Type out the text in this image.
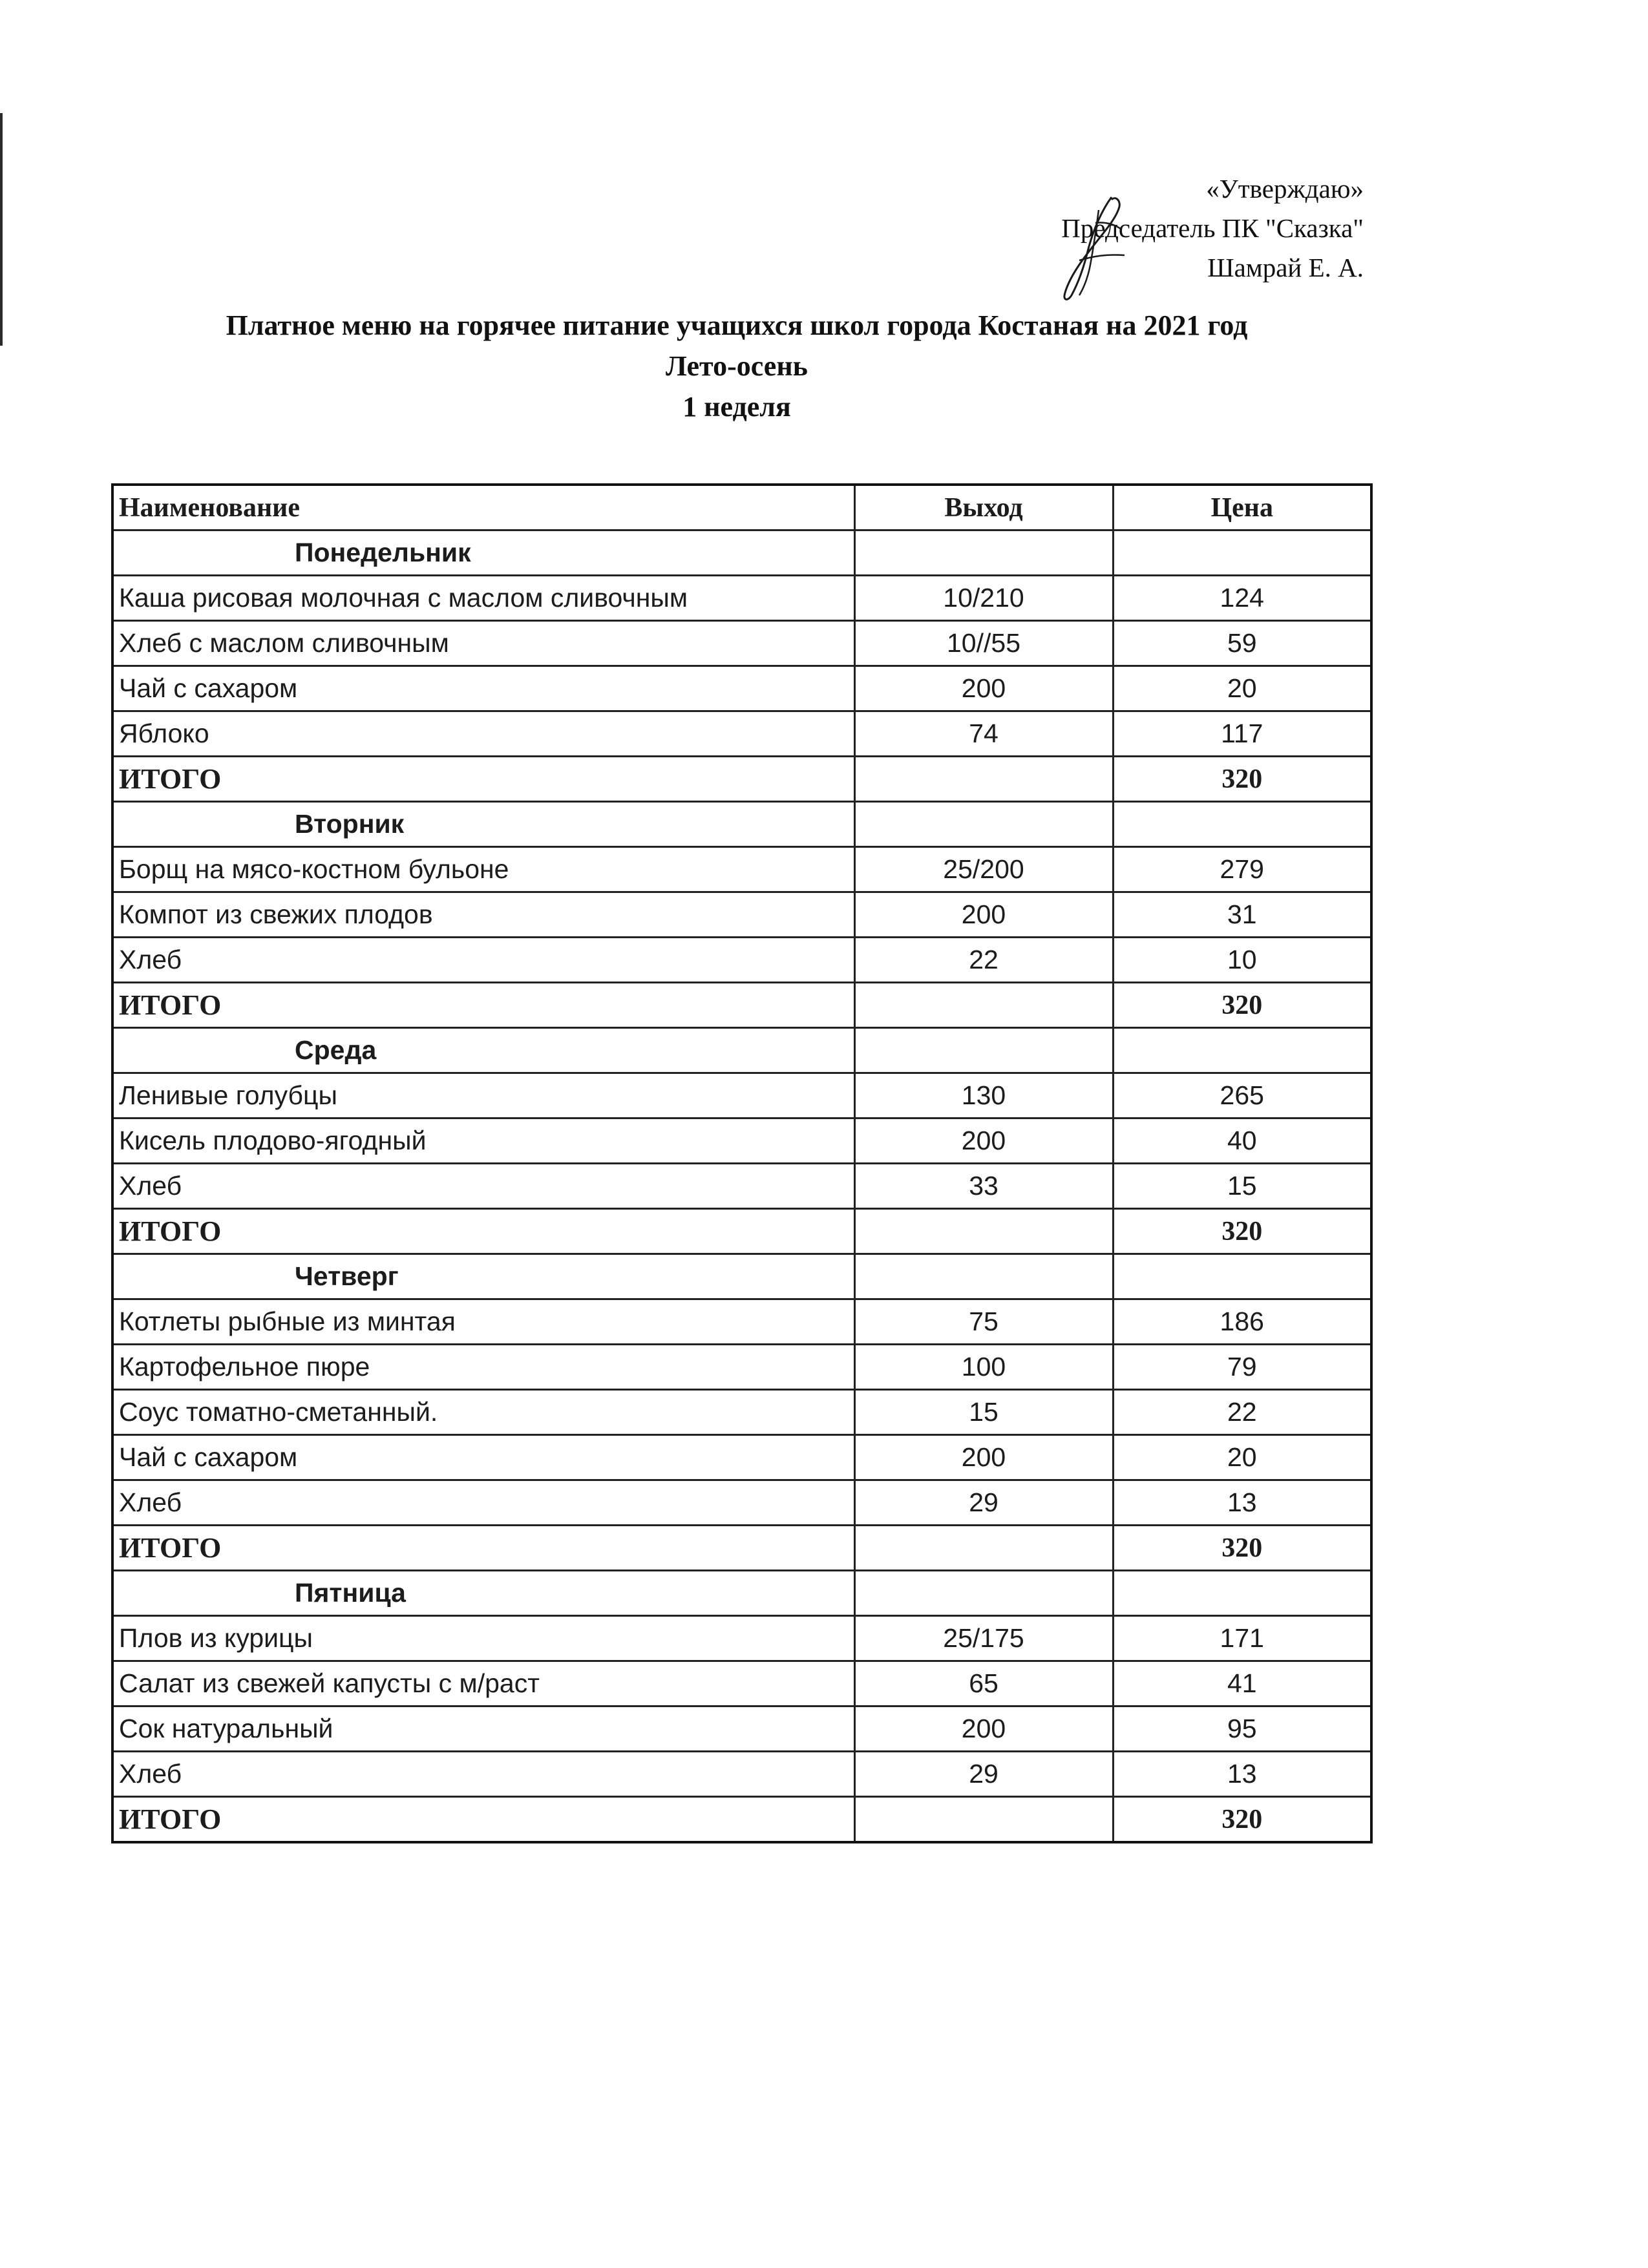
«Утверждаю»
Председатель ПК "Сказка"
Шамрай Е. А.
Платное меню на горячее питание учащихся школ города Костаная на 2021 год
Лето-осень
1 неделя
Наименование	Выход	Цена
Понедельник		
Каша рисовая молочная с маслом сливочным	10/210	124
Хлеб с маслом сливочным	10//55	59
Чай с сахаром	200	20
Яблоко	74	117
ИТОГО		320
Вторник		
Борщ на мясо-костном бульоне	25/200	279
Компот из свежих плодов	200	31
Хлеб	22	10
ИТОГО		320
Среда		
Ленивые голубцы	130	265
Кисель плодово-ягодный	200	40
Хлеб	33	15
ИТОГО		320
Четверг		
Котлеты рыбные из минтая	75	186
Картофельное пюре	100	79
Соус томатно-сметанный.	15	22
Чай с сахаром	200	20
Хлеб	29	13
ИТОГО		320
Пятница		
Плов из курицы	25/175	171
Салат из свежей капусты с м/раст	65	41
Сок натуральный	200	95
Хлеб	29	13
ИТОГО		320
